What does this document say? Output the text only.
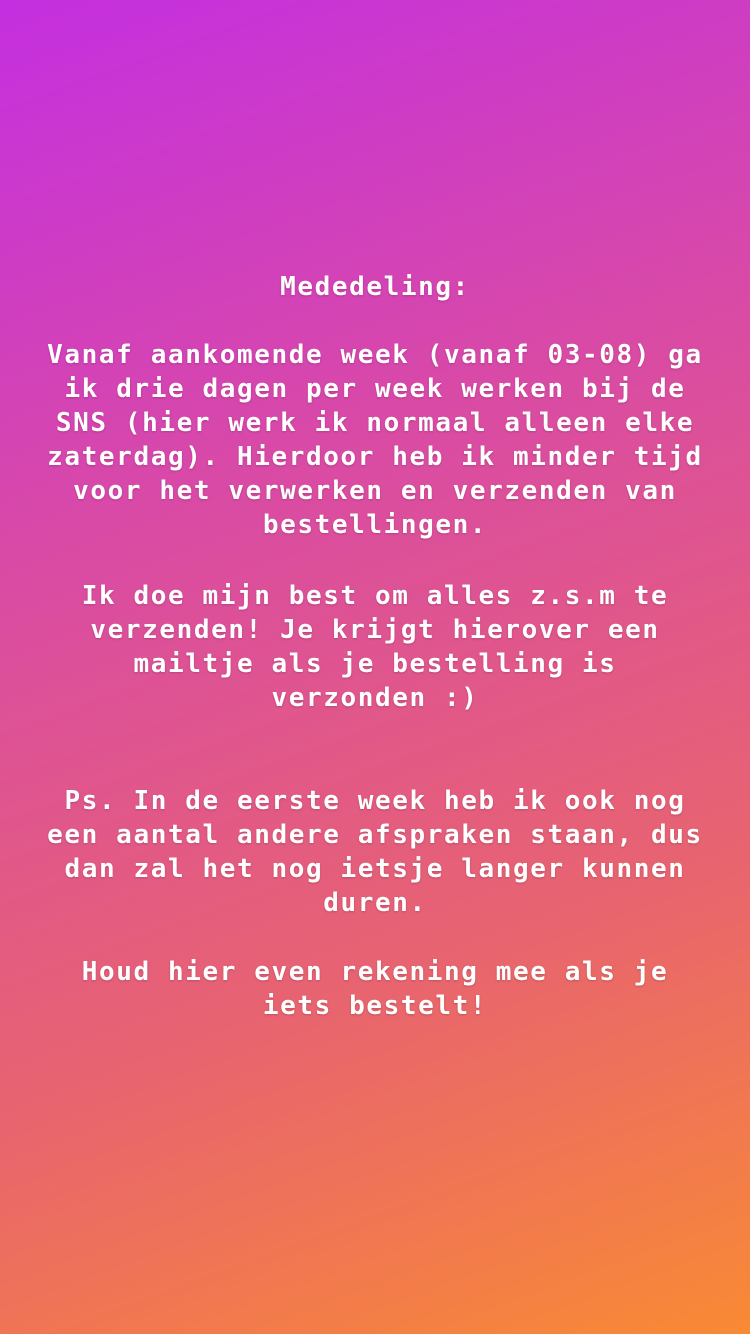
Mededeling:

Vanaf aankomende week (vanaf 03-08) ga
ik drie dagen per week werken bij de
SNS (hier werk ik normaal alleen elke
zaterdag). Hierdoor heb ik minder tijd
voor het verwerken en verzenden van
bestellingen.

Ik doe mijn best om alles z.s.m te
verzenden! Je krijgt hierover een
mailtje als je bestelling is
verzonden :)

Ps. In de eerste week heb ik ook nog
een aantal andere afspraken staan, dus
dan zal het nog ietsje langer kunnen
duren.

Houd hier even rekening mee als je
iets bestelt!
